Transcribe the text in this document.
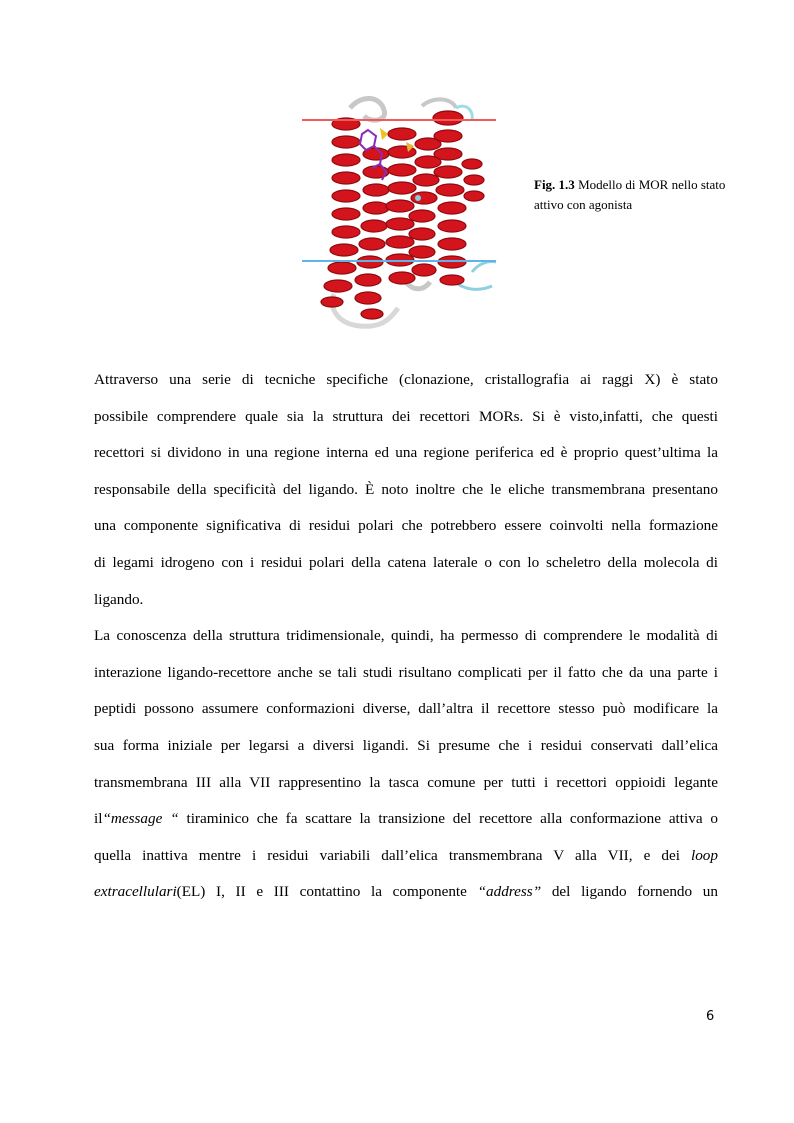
Fig. 1.3 Modello di MOR nello stato attivo con agonista

Attraverso una serie di tecniche specifiche (clonazione, cristallografia ai raggi X) è stato
possibile comprendere quale sia la struttura dei recettori MORs. Si è visto,infatti, che questi
recettori si dividono in una regione interna ed una regione periferica ed è proprio quest’ultima la
responsabile della specificità del ligando. È noto inoltre che le eliche transmembrana presentano
una componente significativa di residui polari che potrebbero essere coinvolti nella formazione
di legami idrogeno con i residui polari della catena laterale o con lo scheletro della molecola di
ligando.

La conoscenza della struttura tridimensionale, quindi, ha permesso di comprendere le modalità di
interazione ligando-recettore anche se tali studi risultano complicati per il fatto che da una parte i
peptidi possono assumere conformazioni diverse, dall’altra il recettore stesso può modificare la
sua forma iniziale per legarsi a diversi ligandi. Si presume che i residui conservati dall’elica
transmembrana III alla VII rappresentino la tasca comune per tutti i recettori oppioidi legante
il“message “ tiraminico che fa scattare la transizione del recettore alla conformazione attiva o
quella inattiva mentre i residui variabili dall’elica transmembrana V alla VII, e dei loop
extracellulari(EL) I, II e III contattino la componente “address” del ligando fornendo un

6
